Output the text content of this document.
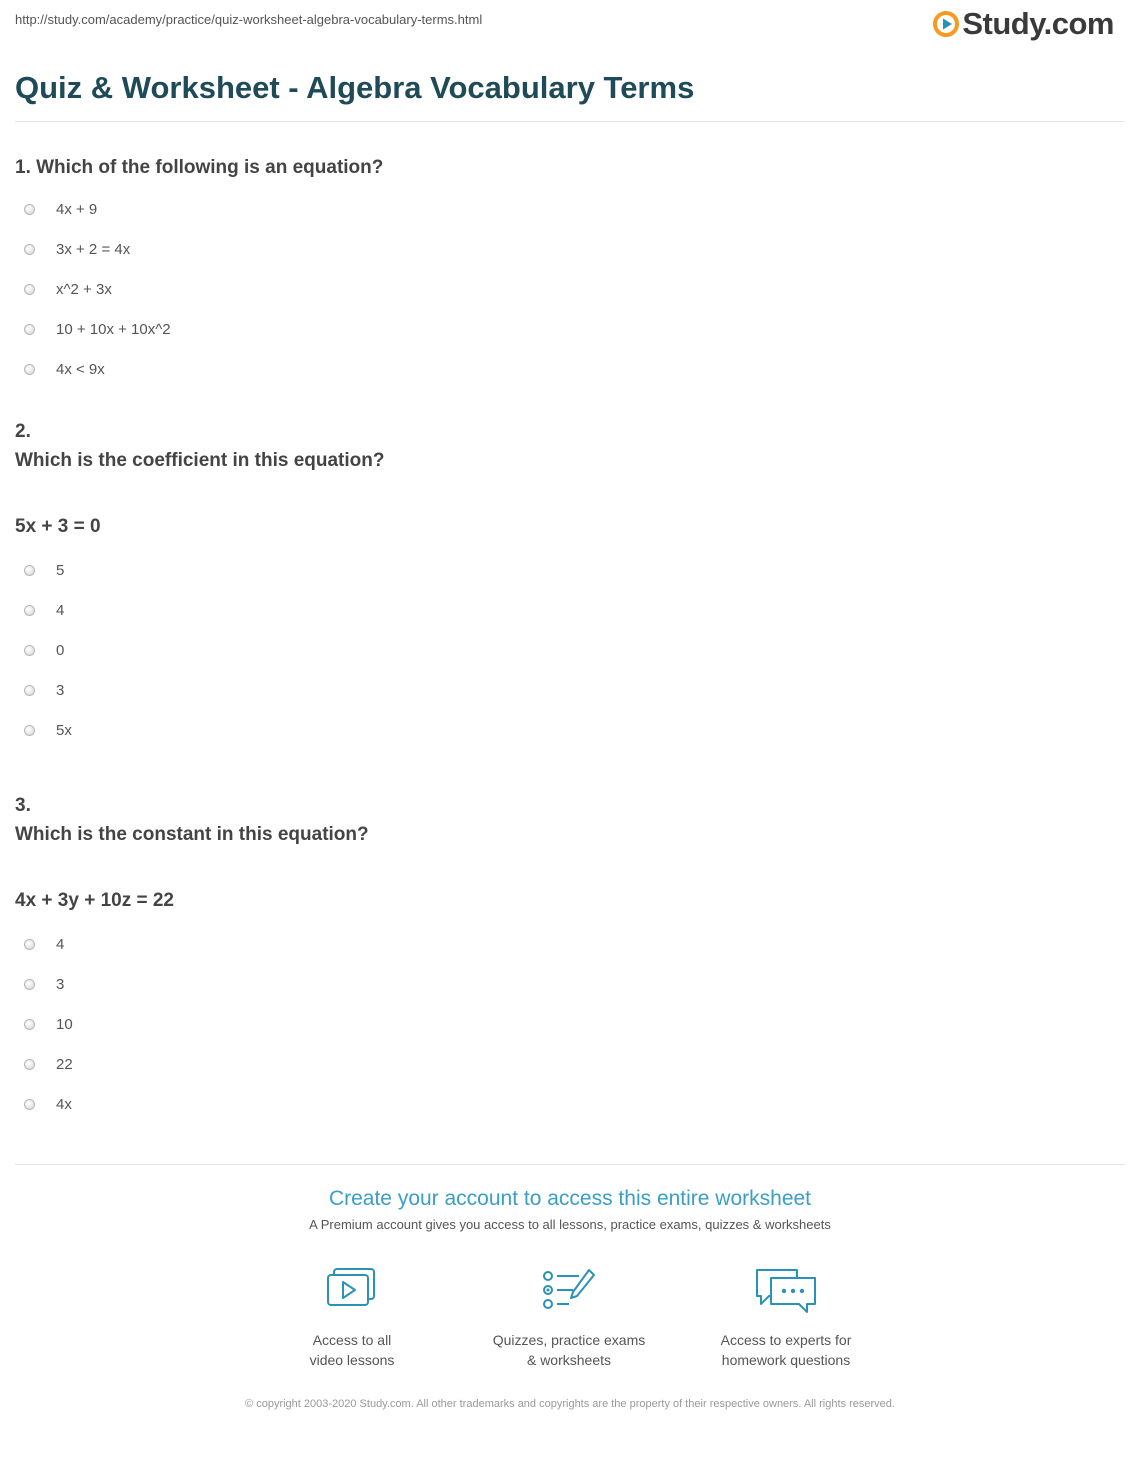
http://study.com/academy/practice/quiz-worksheet-algebra-vocabulary-terms.html	Study.com
Quiz & Worksheet - Algebra Vocabulary Terms
1. Which of the following is an equation?
4x + 9
3x + 2 = 4x
x^2 + 3x
10 + 10x + 10x^2
4x < 9x
2.
Which is the coefficient in this equation?
5x + 3 = 0
5
4
0
3
5x
3.
Which is the constant in this equation?
4x + 3y + 10z = 22
4
3
10
22
4x
Create your account to access this entire worksheet
A Premium account gives you access to all lessons, practice exams, quizzes & worksheets
Access to all
video lessons
Quizzes, practice exams
& worksheets
Access to experts for
homework questions
© copyright 2003-2020 Study.com. All other trademarks and copyrights are the property of their respective owners. All rights reserved.
